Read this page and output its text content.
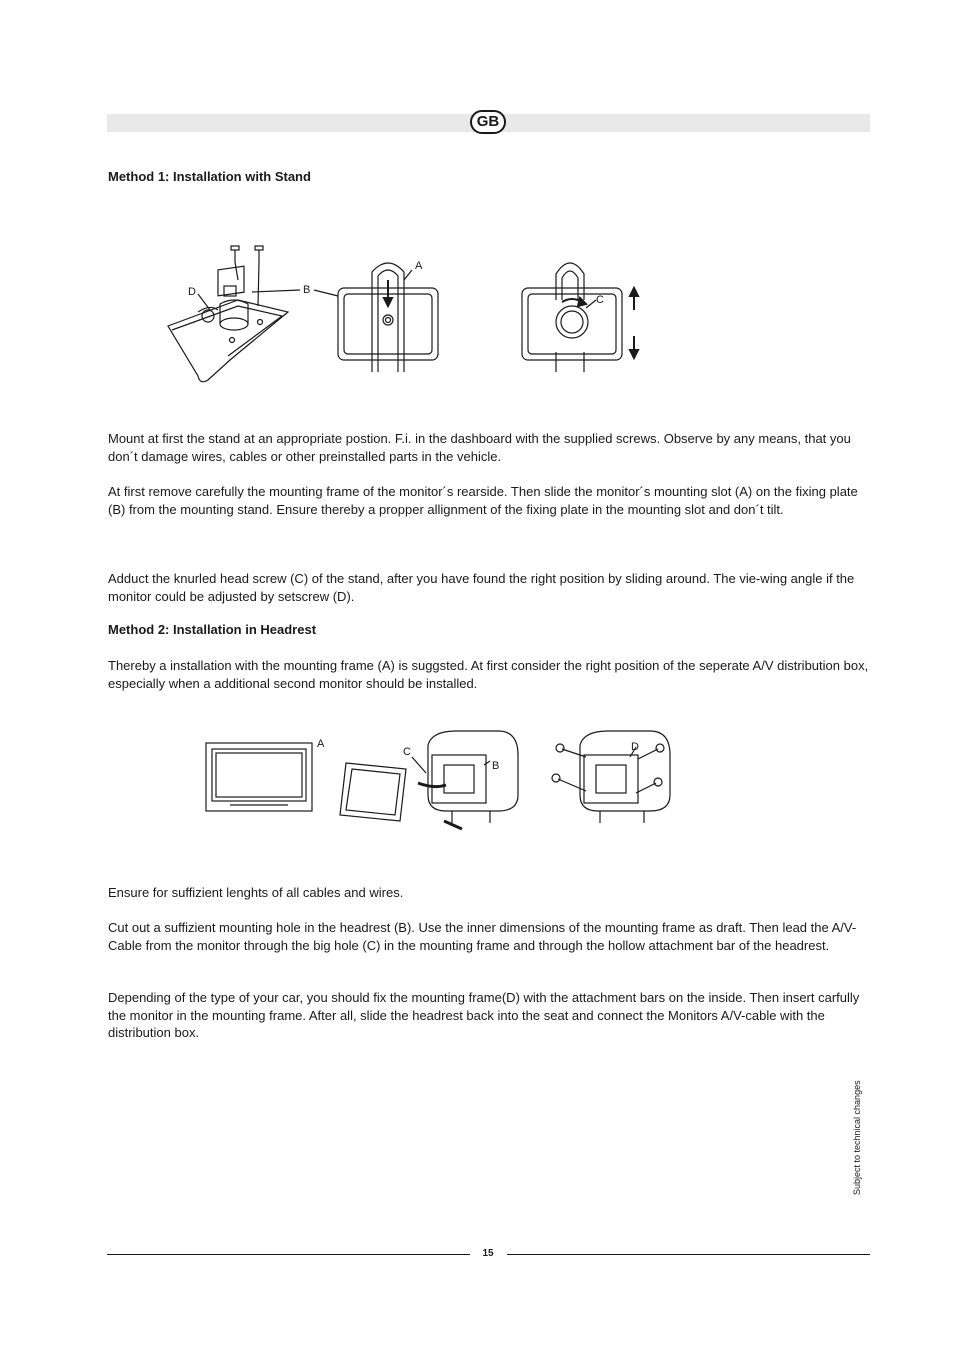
GB
Method 1: Installation with Stand
D	B
A
C

Mount at first the stand at an appropriate postion. F.i. in the dashboard with the supplied screws. Observe by any means, that you don´t damage wires, cables or other preinstalled parts in the vehicle.

At first remove carefully the mounting frame of the monitor´s rearside. Then slide the monitor´s mounting slot (A) on the fixing plate (B) from the mounting stand. Ensure thereby a propper allignment of the fixing plate in the mounting slot and don´t tilt.

Adduct the knurled head screw (C) of the stand, after you have found the right position by sliding around. The vie-wing angle if the monitor could be adjusted by setscrew (D).

Method 2: Installation in Headrest

Thereby a installation with the mounting frame (A) is suggsted. At first consider the right position of the seperate A/V distribution box, especially when a additional second monitor should be installed.

A
C
B
D

Ensure for suffizient lenghts of all cables and wires.

Cut out a suffizient mounting hole in the headrest (B). Use the inner dimensions of the mounting frame as draft. Then lead the A/V-Cable from the monitor through the big hole (C) in the mounting frame and through the hollow attachment bar of the headrest.

Depending of the type of your car, you should fix the mounting frame(D) with the attachment bars on the inside. Then insert carfully the monitor in the mounting frame. After all, slide the headrest back into the seat and connect the Monitors A/V-cable with the distribution box.

Subject to technical changes
15
